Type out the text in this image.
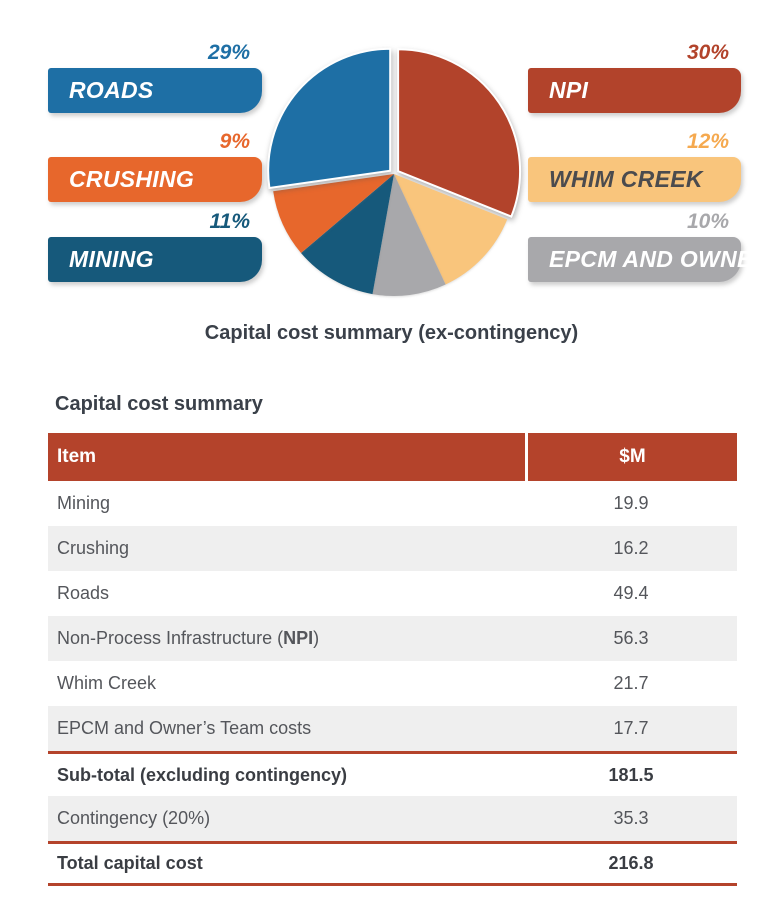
29%
ROADS
9%
CRUSHING
11%
MINING
30%
NPI
12%
WHIM CREEK
10%
EPCM AND OWNER
Capital cost summary (ex-contingency)
Capital cost summary
Item	$M
Mining	19.9
Crushing	16.2
Roads	49.4
Non-Process Infrastructure (NPI)	56.3
Whim Creek	21.7
EPCM and Owner’s Team costs	17.7
Sub-total (excluding contingency)	181.5
Contingency (20%)	35.3
Total capital cost	216.8
